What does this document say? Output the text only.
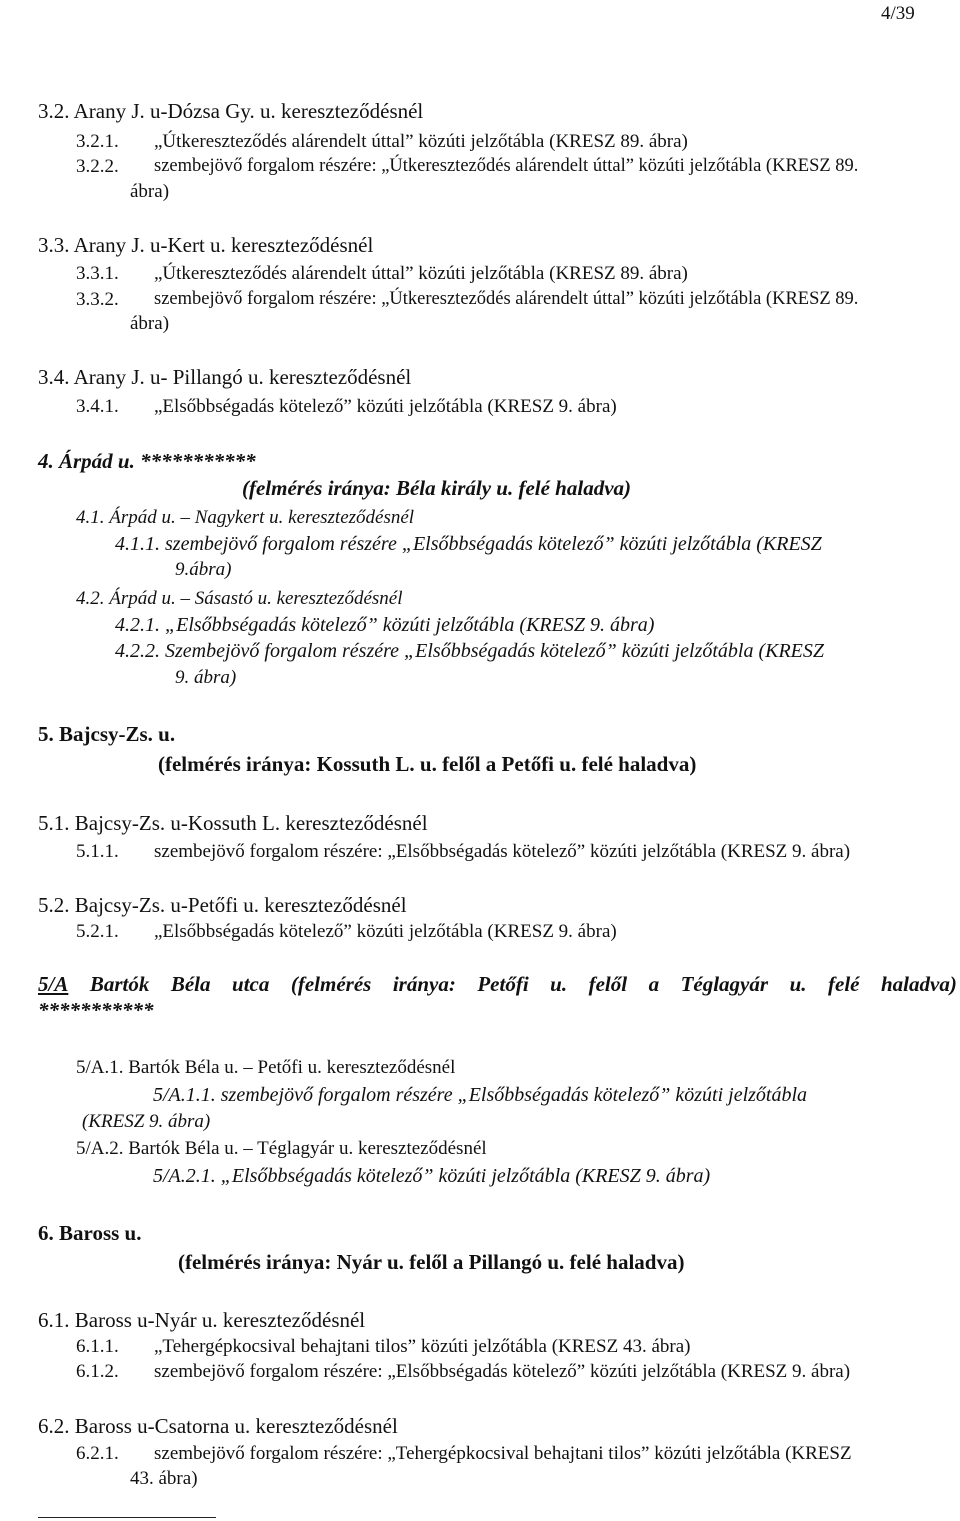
4/39
3.2. Arany J. u-Dózsa Gy. u. kereszteződésnél
3.2.1. „Útkereszteződés alárendelt úttal” közúti jelzőtábla (KRESZ 89. ábra)
3.2.2. szembejövő forgalom részére: „Útkereszteződés alárendelt úttal” közúti jelzőtábla (KRESZ 89.
ábra)
3.3. Arany J. u-Kert u. kereszteződésnél
3.3.1. „Útkereszteződés alárendelt úttal” közúti jelzőtábla (KRESZ 89. ábra)
3.3.2. szembejövő forgalom részére: „Útkereszteződés alárendelt úttal” közúti jelzőtábla (KRESZ 89.
ábra)
3.4. Arany J. u- Pillangó u. kereszteződésnél
3.4.1. „Elsőbbségadás kötelező” közúti jelzőtábla (KRESZ 9. ábra)
4. Árpád u. ***********
(felmérés iránya: Béla király u. felé haladva)
4.1. Árpád u. – Nagykert u. kereszteződésnél
4.1.1. szembejövő forgalom részére „Elsőbbségadás kötelező” közúti jelzőtábla (KRESZ
9.ábra)
4.2. Árpád u. – Sásastó u. kereszteződésnél
4.2.1. „Elsőbbségadás kötelező” közúti jelzőtábla (KRESZ 9. ábra)
4.2.2. Szembejövő forgalom részére „Elsőbbségadás kötelező” közúti jelzőtábla (KRESZ
9. ábra)
5. Bajcsy-Zs. u.
(felmérés iránya: Kossuth L. u. felől a Petőfi u. felé haladva)
5.1. Bajcsy-Zs. u-Kossuth L. kereszteződésnél
5.1.1. szembejövő forgalom részére: „Elsőbbségadás kötelező” közúti jelzőtábla (KRESZ 9. ábra)
5.2. Bajcsy-Zs. u-Petőfi u. kereszteződésnél
5.2.1. „Elsőbbségadás kötelező” közúti jelzőtábla (KRESZ 9. ábra)
5/A Bartók Béla utca (felmérés iránya: Petőfi u. felől a Téglagyár u. felé haladva)
***********
5/A.1. Bartók Béla u. – Petőfi u. kereszteződésnél
5/A.1.1. szembejövő forgalom részére „Elsőbbségadás kötelező” közúti jelzőtábla
(KRESZ 9. ábra)
5/A.2. Bartók Béla u. – Téglagyár u. kereszteződésnél
5/A.2.1. „Elsőbbségadás kötelező” közúti jelzőtábla (KRESZ 9. ábra)
6. Baross u.
(felmérés iránya: Nyár u. felől a Pillangó u. felé haladva)
6.1. Baross u-Nyár u. kereszteződésnél
6.1.1. „Tehergépkocsival behajtani tilos” közúti jelzőtábla (KRESZ 43. ábra)
6.1.2. szembejövő forgalom részére: „Elsőbbségadás kötelező” közúti jelzőtábla (KRESZ 9. ábra)
6.2. Baross u-Csatorna u. kereszteződésnél
6.2.1. szembejövő forgalom részére: „Tehergépkocsival behajtani tilos” közúti jelzőtábla (KRESZ
43. ábra)
